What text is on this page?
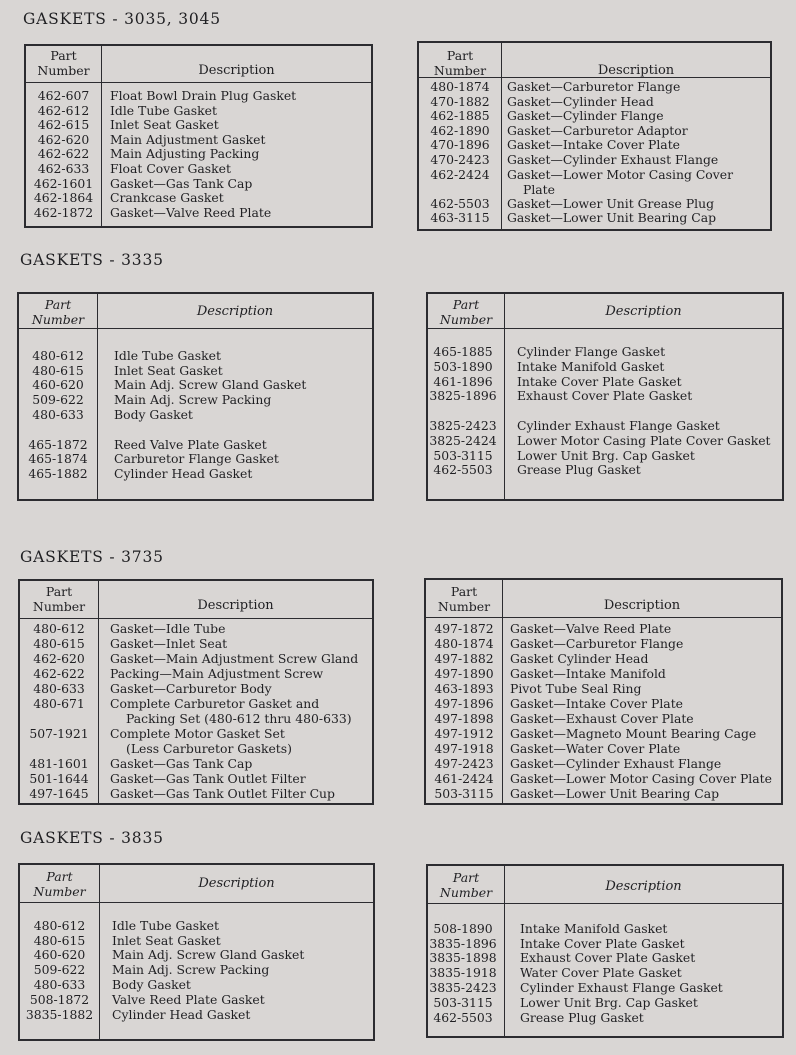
GASKETS - 3035, 3045
Part
Number	Description
462-607	Float Bowl Drain Plug Gasket
462-612	Idle Tube Gasket
462-615	Inlet Seat Gasket
462-620	Main Adjustment Gasket
462-622	Main Adjusting Packing
462-633	Float Cover Gasket
462-1601	Gasket—Gas Tank Cap
462-1864	Crankcase Gasket
462-1872	Gasket—Valve Reed Plate
Part
Number	Description
480-1874	Gasket—Carburetor Flange
470-1882	Gasket—Cylinder Head
462-1885	Gasket—Cylinder Flange
462-1890	Gasket—Carburetor Adaptor
470-1896	Gasket—Intake Cover Plate
470-2423	Gasket—Cylinder Exhaust Flange
462-2424	Gasket—Lower Motor Casing Cover
Plate
462-5503	Gasket—Lower Unit Grease Plug
463-3115	Gasket—Lower Unit Bearing Cap
GASKETS - 3335
Part
Number
Description
480-612	Idle Tube Gasket
480-615	Inlet Seat Gasket
460-620	Main Adj. Screw Gland Gasket
509-622	Main Adj. Screw Packing
480-633	Body Gasket
465-1872	Reed Valve Plate Gasket
465-1874	Carburetor Flange Gasket
465-1882	Cylinder Head Gasket
Part
Number
Description
465-1885	Cylinder Flange Gasket
503-1890	Intake Manifold Gasket
461-1896	Intake Cover Plate Gasket
3825-1896 Exhaust Cover Plate Gasket
3825-2423 Cylinder Exhaust Flange Gasket
3825-2424 Lower Motor Casing Plate Cover Gasket
503-3115	Lower Unit Brg. Cap Gasket
462-5503	Grease Plug Gasket
GASKETS - 3735
Part
Number	Description
480-612	Gasket—Idle Tube
480-615	Gasket—Inlet Seat
462-620	Gasket—Main Adjustment Screw Gland
462-622	Packing—Main Adjustment Screw
480-633	Gasket—Carburetor Body
480-671	Complete Carburetor Gasket and
Packing Set (480-612 thru 480-633)
507-1921	Complete Motor Gasket Set
(Less Carburetor Gaskets)
481-1601	Gasket—Gas Tank Cap
501-1644	Gasket—Gas Tank Outlet Filter
497-1645	Gasket—Gas Tank Outlet Filter Cup
Part
Number	Description
497-1872	Gasket—Valve Reed Plate
480-1874	Gasket—Carburetor Flange
497-1882	Gasket Cylinder Head
497-1890	Gasket—Intake Manifold
463-1893	Pivot Tube Seal Ring
497-1896	Gasket—Intake Cover Plate
497-1898	Gasket—Exhaust Cover Plate
497-1912	Gasket—Magneto Mount Bearing Cage
497-1918	Gasket—Water Cover Plate
497-2423	Gasket—Cylinder Exhaust Flange
461-2424	Gasket—Lower Motor Casing Cover Plate
503-3115	Gasket—Lower Unit Bearing Cap
GASKETS - 3835
Part
Number
Description
480-612	Idle Tube Gasket
480-615	Inlet Seat Gasket
460-620	Main Adj. Screw Gland Gasket
509-622	Main Adj. Screw Packing
480-633	Body Gasket
508-1872	Valve Reed Plate Gasket
3835-1882	Cylinder Head Gasket
Part
Number	Description
508-1890	Intake Manifold Gasket
3835-1896 Intake Cover Plate Gasket
3835-1898 Exhaust Cover Plate Gasket
3835-1918 Water Cover Plate Gasket
3835-2423 Cylinder Exhaust Flange Gasket
503-3115	Lower Unit Brg. Cap Gasket
462-5503	Grease Plug Gasket
